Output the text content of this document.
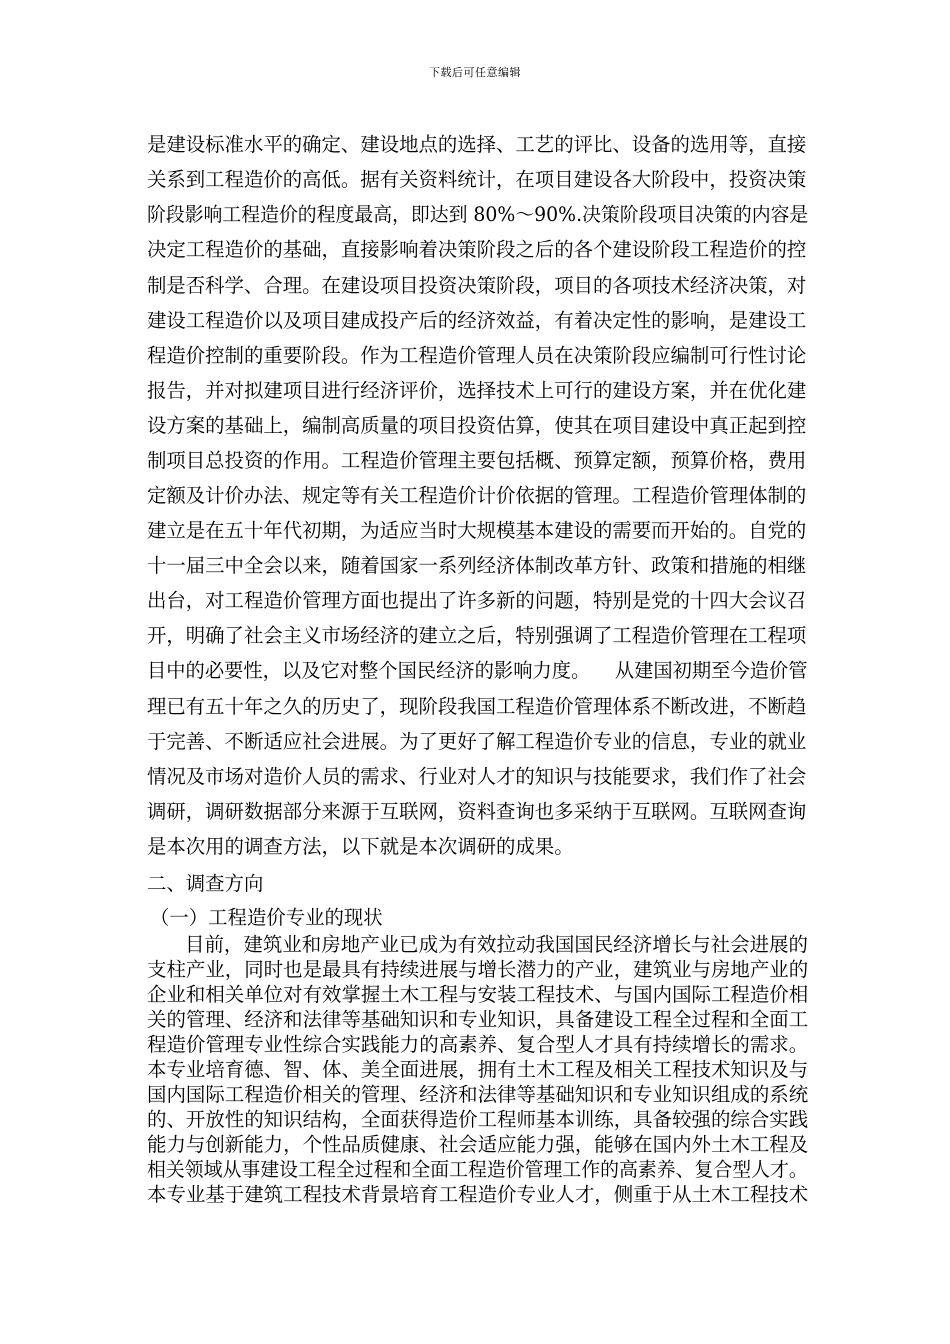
下载后可任意编辑
是建设标准水平的确定、建设地点的选择、工艺的评比、设备的选用等，直接
关系到工程造价的高低。据有关资料统计，在项目建设各大阶段中，投资决策
阶段影响工程造价的程度最高，即达到 80%～90%.决策阶段项目决策的内容是
决定工程造价的基础，直接影响着决策阶段之后的各个建设阶段工程造价的控
制是否科学、合理。在建设项目投资决策阶段，项目的各项技术经济决策，对
建设工程造价以及项目建成投产后的经济效益，有着决定性的影响，是建设工
程造价控制的重要阶段。作为工程造价管理人员在决策阶段应编制可行性讨论
报告，并对拟建项目进行经济评价，选择技术上可行的建设方案，并在优化建
设方案的基础上，编制高质量的项目投资估算，使其在项目建设中真正起到控
制项目总投资的作用。工程造价管理主要包括概、预算定额，预算价格，费用
定额及计价办法、规定等有关工程造价计价依据的管理。工程造价管理体制的
建立是在五十年代初期，为适应当时大规模基本建设的需要而开始的。自党的
十一届三中全会以来，随着国家一系列经济体制改革方针、政策和措施的相继
出台，对工程造价管理方面也提出了许多新的问题，特别是党的十四大会议召
开，明确了社会主义市场经济的建立之后，特别强调了工程造价管理在工程项
目中的必要性，以及它对整个国民经济的影响力度。    从建国初期至今造价管
理已有五十年之久的历史了，现阶段我国工程造价管理体系不断改进，不断趋
于完善、不断适应社会进展。为了更好了解工程造价专业的信息，专业的就业
情况及市场对造价人员的需求、行业对人才的知识与技能要求，我们作了社会
调研，调研数据部分来源于互联网，资料查询也多采纳于互联网。互联网查询
是本次用的调查方法，以下就是本次调研的成果。
二、调查方向
（一）工程造价专业的现状
目前，建筑业和房地产业已成为有效拉动我国国民经济增长与社会进展的
支柱产业，同时也是最具有持续进展与增长潜力的产业，建筑业与房地产业的
企业和相关单位对有效掌握土木工程与安装工程技术、与国内国际工程造价相
关的管理、经济和法律等基础知识和专业知识，具备建设工程全过程和全面工
程造价管理专业性综合实践能力的高素养、复合型人才具有持续增长的需求。
本专业培育德、智、体、美全面进展，拥有土木工程及相关工程技术知识及与
国内国际工程造价相关的管理、经济和法律等基础知识和专业知识组成的系统
的、开放性的知识结构，全面获得造价工程师基本训练，具备较强的综合实践
能力与创新能力，个性品质健康、社会适应能力强，能够在国内外土木工程及
相关领域从事建设工程全过程和全面工程造价管理工作的高素养、复合型人才。
本专业基于建筑工程技术背景培育工程造价专业人才，侧重于从土木工程技术
